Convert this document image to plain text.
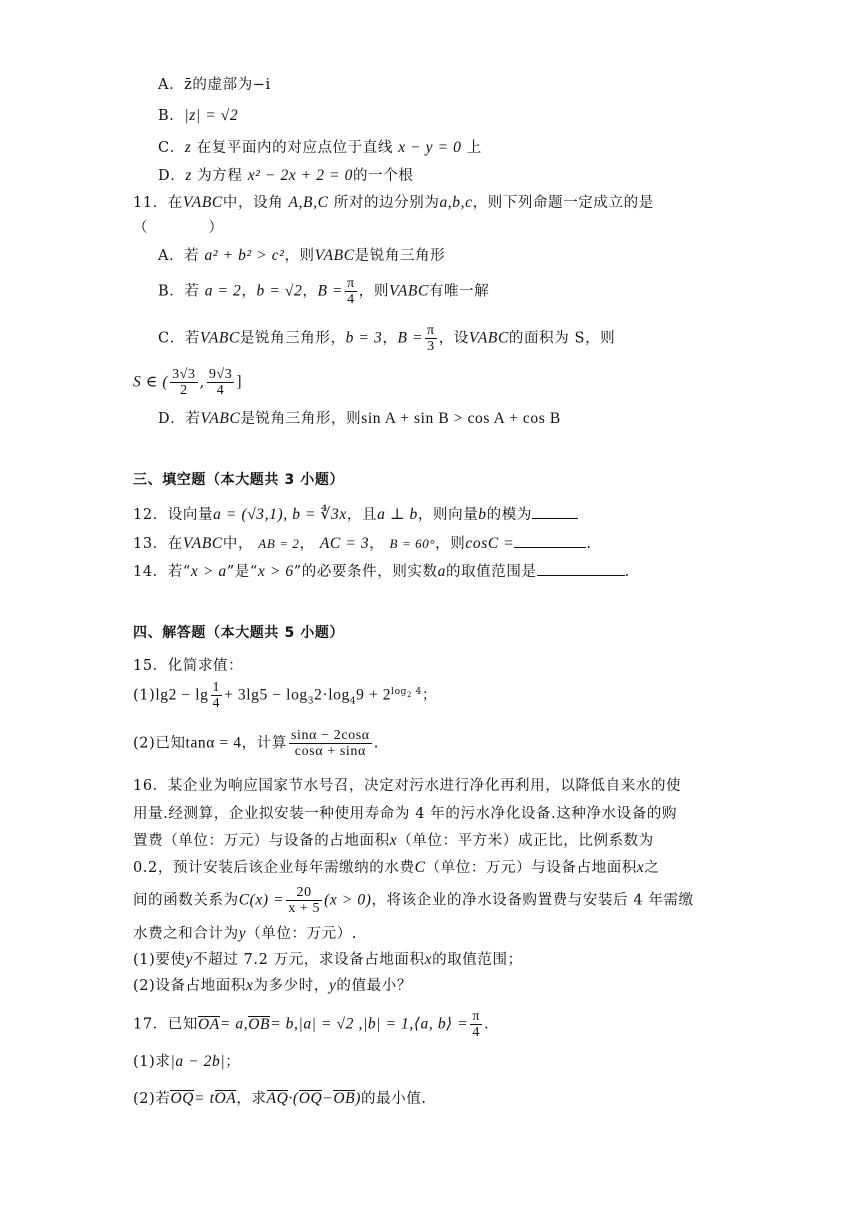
A．z̄的虚部为−i
B．|z| = √2
C．z 在复平面内的对应点位于直线 x − y = 0 上
D．z 为方程 x² − 2x + 2 = 0的一个根
11．在VABC中，设角 A,B,C 所对的边分别为a,b,c，则下列命题一定成立的是
（　　　　）
A．若 a² + b² > c²，则VABC是锐角三角形
B．若 a = 2，b = √2，$B = \frac{\pi}{4}$ ，则VABC有唯一解
C．若VABC是锐角三角形，b = 3，$B = \frac{\pi}{3}$ ，设VABC的面积为 S，则
S ∈ ( $\frac{3√3}{2}$ , $\frac{9√3}{4}$ ]
D．若VABC是锐角三角形，则sin A + sin B > cos A + cos B
三、填空题（本大题共 3 小题）
12．设向量a = (√3,1), b = ∜3x，且a ⊥ b，则向量b的模为
13．在VABC中， AB = 2， AC = 3， B = 60°，则cosC =	.
14．若“x > a”是“x > 6”的必要条件，则实数a的取值范围是	.
四、解答题（本大题共 5 小题）
15．化简求值：
$(1)\lg 2 - \lg \frac{1}{4} + 3\lg 5 - \log_32\cdot\log_49 + 2^{log_2 4}$；
(2)已知tanα = 4，计算 $\frac{\sin\alpha - 2\cos\alpha}{\cos\alpha + \sin\alpha}$ .
16．某企业为响应国家节水号召，决定对污水进行净化再利用，以降低自来水的使
用量.经测算，企业拟安装一种使用寿命为 4 年的污水净化设备.这种净水设备的购
置费（单位：万元）与设备的占地面积x（单位：平方米）成正比，比例系数为
0.2，预计安装后该企业每年需缴纳的水费C（单位：万元）与设备占地面积x之
间的函数关系为$C(x) = \frac{20}{x + 5} (x > 0)$，将该企业的净水设备购置费与安装后 4 年需缴
水费之和合计为y（单位：万元）.
(1)要使y不超过 7.2 万元，求设备占地面积x的取值范围；
(2)设备占地面积x为多少时，y的值最小？
17．已知OA= a,OB= b,|a| = √2 ,|b| = 1,⟨a, b⟩ = $\frac{\pi}{4}$ .
(1)求|a − 2b|；
(2)若OQ= tOA，求AQ·(OQ−OB)的最小值.
